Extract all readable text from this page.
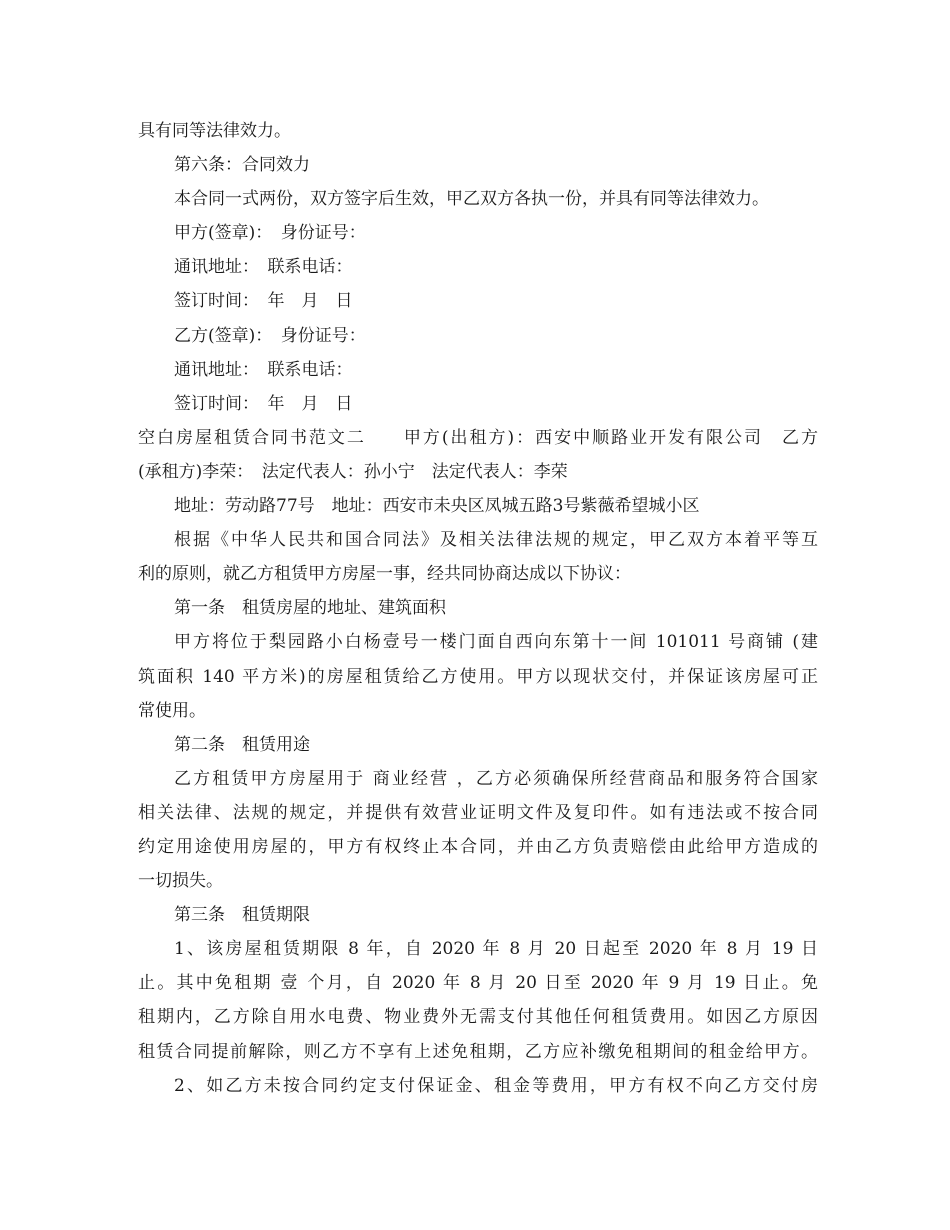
具有同等法律效力。
第六条：合同效力
本合同一式两份，双方签字后生效，甲乙双方各执一份，并具有同等法律效力。
甲方(签章)：　身份证号：
通讯地址：　联系电话：
签订时间：　年　月　日
乙方(签章)：　身份证号：
通讯地址：　联系电话：
签订时间：　年　月　日
空白房屋租赁合同书范文二　　甲方(出租方)：西安中顺路业开发有限公司　乙方
(承租方)李荣：　法定代表人：孙小宁　法定代表人：李荣
地址：劳动路77号　地址：西安市未央区凤城五路3号紫薇希望城小区
根据《中华人民共和国合同法》及相关法律法规的规定，甲乙双方本着平等互
利的原则，就乙方租赁甲方房屋一事，经共同协商达成以下协议：
第一条　租赁房屋的地址、建筑面积
甲方将位于梨园路小白杨壹号一楼门面自西向东第十一间 101011 号商铺 (建
筑面积 140 平方米)的房屋租赁给乙方使用。甲方以现状交付，并保证该房屋可正
常使用。
第二条　租赁用途
乙方租赁甲方房屋用于 商业经营 ，乙方必须确保所经营商品和服务符合国家
相关法律、法规的规定，并提供有效营业证明文件及复印件。如有违法或不按合同
约定用途使用房屋的，甲方有权终止本合同，并由乙方负责赔偿由此给甲方造成的
一切损失。
第三条　租赁期限
1、该房屋租赁期限 8 年，自 2020 年 8 月 20 日起至 2020 年 8 月 19 日
止。其中免租期 壹 个月，自 2020 年 8 月 20 日至 2020 年 9 月 19 日止。免
租期内，乙方除自用水电费、物业费外无需支付其他任何租赁费用。如因乙方原因
租赁合同提前解除，则乙方不享有上述免租期，乙方应补缴免租期间的租金给甲方。
2、如乙方未按合同约定支付保证金、租金等费用，甲方有权不向乙方交付房
